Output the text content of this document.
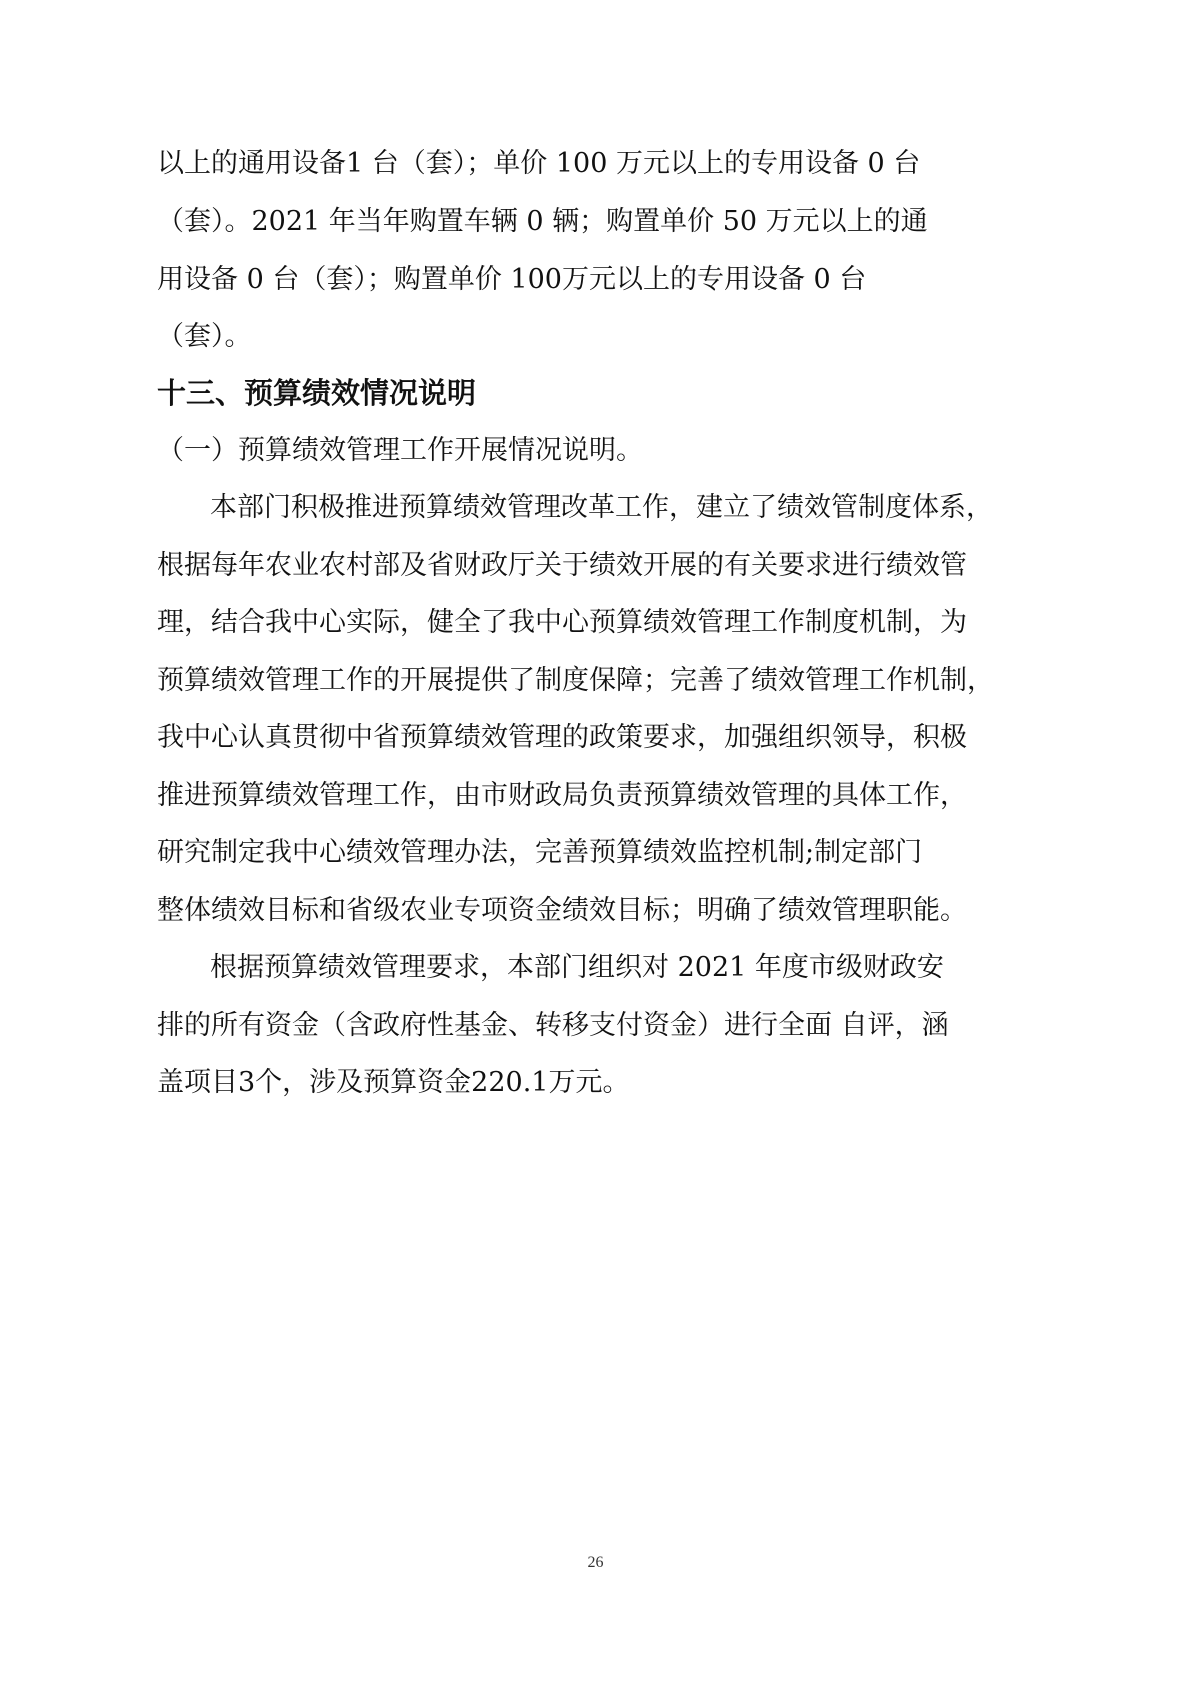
以上的通用设备1 台（套）；单价 100 万元以上的专用设备 0 台
（套）。2021 年当年购置车辆 0 辆；购置单价 50 万元以上的通
用设备 0 台（套）；购置单价 100万元以上的专用设备 0 台
（套）。
十三、预算绩效情况说明
（一）预算绩效管理工作开展情况说明。
本部门积极推进预算绩效管理改革工作，建立了绩效管制度体系，
根据每年农业农村部及省财政厅关于绩效开展的有关要求进行绩效管
理，结合我中心实际，健全了我中心预算绩效管理工作制度机制，为
预算绩效管理工作的开展提供了制度保障；完善了绩效管理工作机制，
我中心认真贯彻中省预算绩效管理的政策要求，加强组织领导，积极
推进预算绩效管理工作，由市财政局负责预算绩效管理的具体工作，
研究制定我中心绩效管理办法，完善预算绩效监控机制;制定部门
整体绩效目标和省级农业专项资金绩效目标；明确了绩效管理职能。
根据预算绩效管理要求，本部门组织对 2021 年度市级财政安
排的所有资金（含政府性基金、转移支付资金）进行全面 自评，涵
盖项目3个，涉及预算资金220.1万元。
26
